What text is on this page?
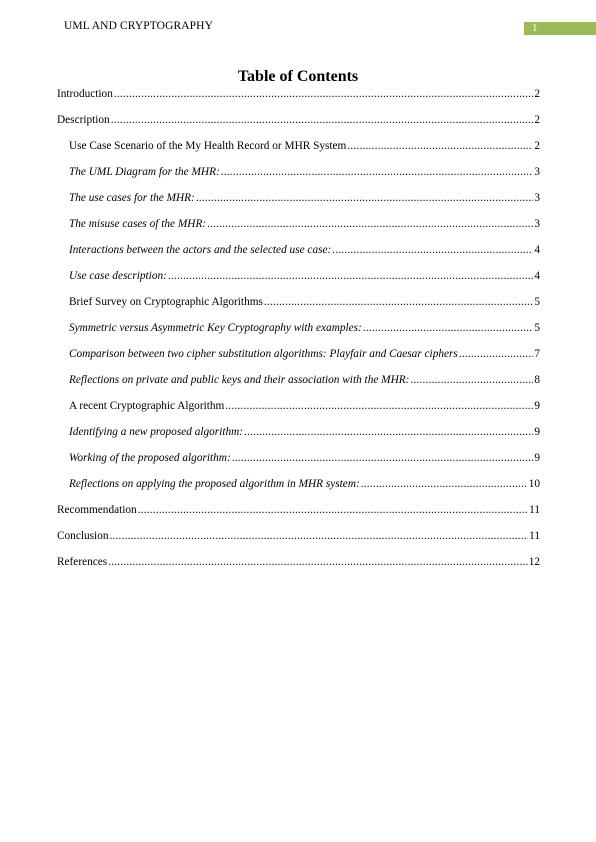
UML AND CRYPTOGRAPHY	1
Table of Contents
Introduction .....	2
Description .....	2
Use Case Scenario of the My Health Record or MHR System .....	2
The UML Diagram for the MHR: .....	3
The use cases for the MHR: .....	3
The misuse cases of the MHR: .....	3
Interactions between the actors and the selected use case: .....	4
Use case description: .....	4
Brief Survey on Cryptographic Algorithms .....	5
Symmetric versus Asymmetric Key Cryptography with examples: .....	5
Comparison between two cipher substitution algorithms: Playfair and Caesar ciphers .....	7
Reflections on private and public keys and their association with the MHR: .....	8
A recent Cryptographic Algorithm .....	9
Identifying a new proposed algorithm: .....	9
Working of the proposed algorithm: .....	9
Reflections on applying the proposed algorithm in MHR system: .....	10
Recommendation .....	11
Conclusion .....	11
References .....	12
